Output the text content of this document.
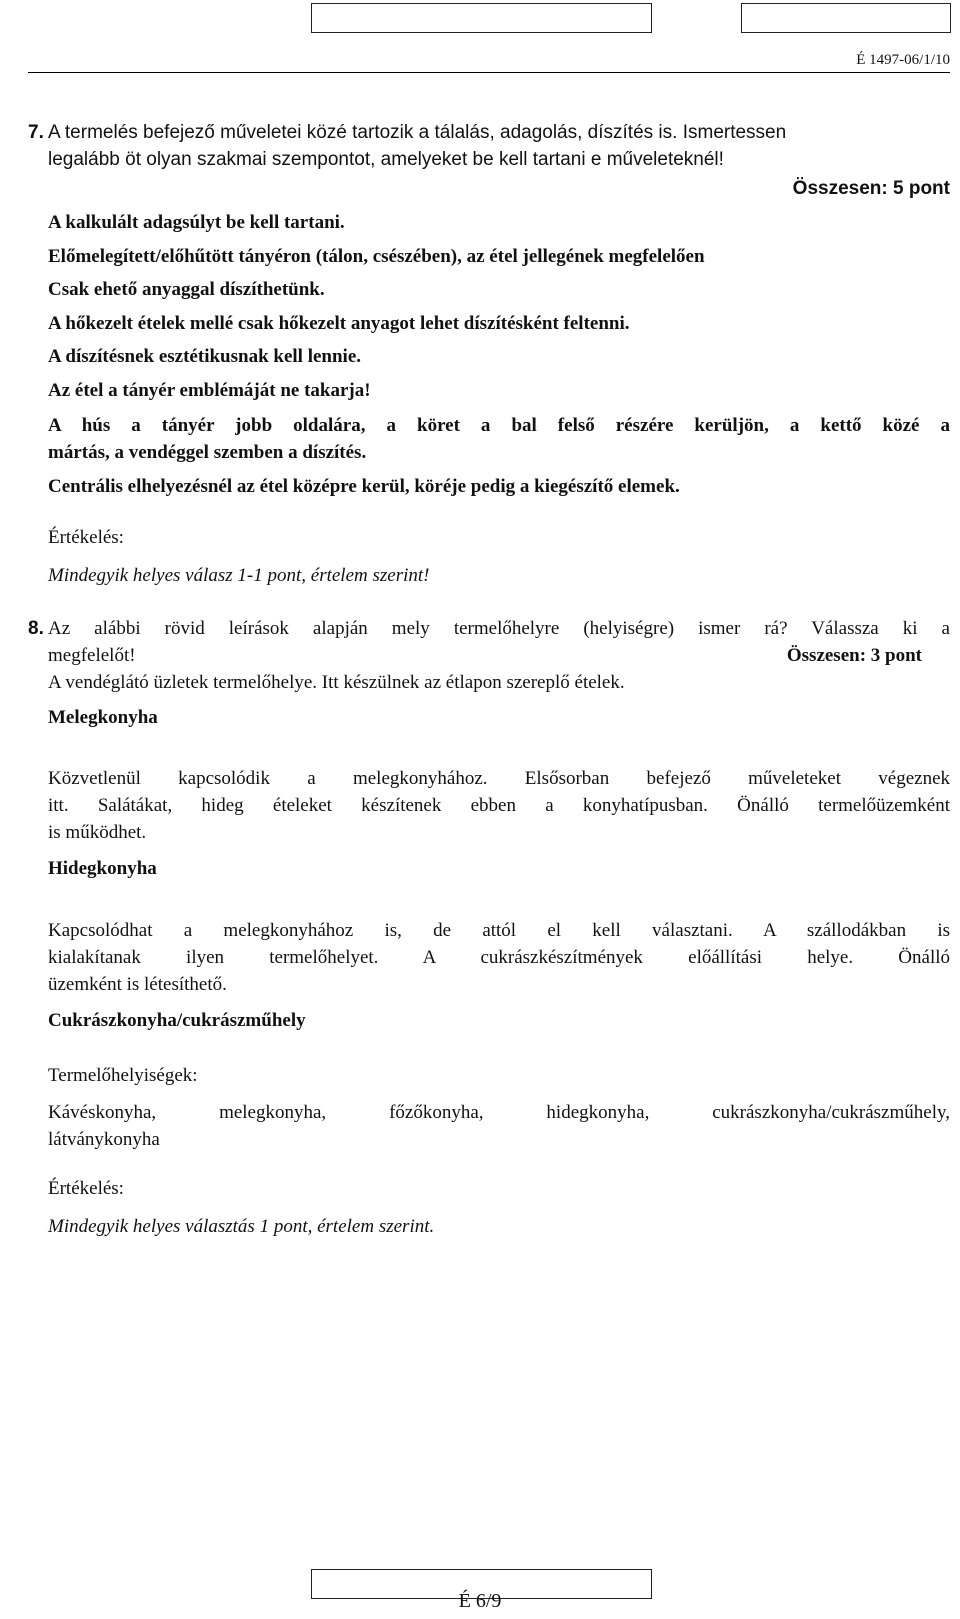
É 1497-06/1/10
7. A termelés befejező műveletei közé tartozik a tálalás, adagolás, díszítés is. Ismertessen
legalább öt olyan szakmai szempontot, amelyeket be kell tartani e műveleteknél!
Összesen: 5 pont
A kalkulált adagsúlyt be kell tartani.
Előmelegített/előhűtött tányéron (tálon, csészében), az étel jellegének megfelelően
Csak ehető anyaggal díszíthetünk.
A hőkezelt ételek mellé csak hőkezelt anyagot lehet díszítésként feltenni.
A díszítésnek esztétikusnak kell lennie.
Az étel a tányér emblémáját ne takarja!
A hús a tányér jobb oldalára, a köret a bal felső részére kerüljön, a kettő közé a
mártás, a vendéggel szemben a díszítés.
Centrális elhelyezésnél az étel középre kerül, köréje pedig a kiegészítő elemek.
Értékelés:
Mindegyik helyes válasz 1-1 pont, értelem szerint!
8. Az alábbi rövid leírások alapján mely termelőhelyre (helyiségre) ismer rá? Válassza ki a
megfelelőt!	Összesen: 3 pont
A vendéglátó üzletek termelőhelye. Itt készülnek az étlapon szereplő ételek.
Melegkonyha
Közvetlenül kapcsolódik a melegkonyhához. Elsősorban befejező műveleteket végeznek
itt. Salátákat, hideg ételeket készítenek ebben a konyhatípusban. Önálló termelőüzemként
is működhet.
Hidegkonyha
Kapcsolódhat a melegkonyhához is, de attól el kell választani. A szállodákban is
kialakítanak ilyen termelőhelyet. A cukrászkészítmények előállítási helye. Önálló
üzemként is létesíthető.
Cukrászkonyha/cukrászműhely
Termelőhelyiségek:
Kávéskonyha, melegkonyha, főzőkonyha, hidegkonyha, cukrászkonyha/cukrászműhely,
látványkonyha
Értékelés:
Mindegyik helyes választás 1 pont, értelem szerint.
É 6/9
